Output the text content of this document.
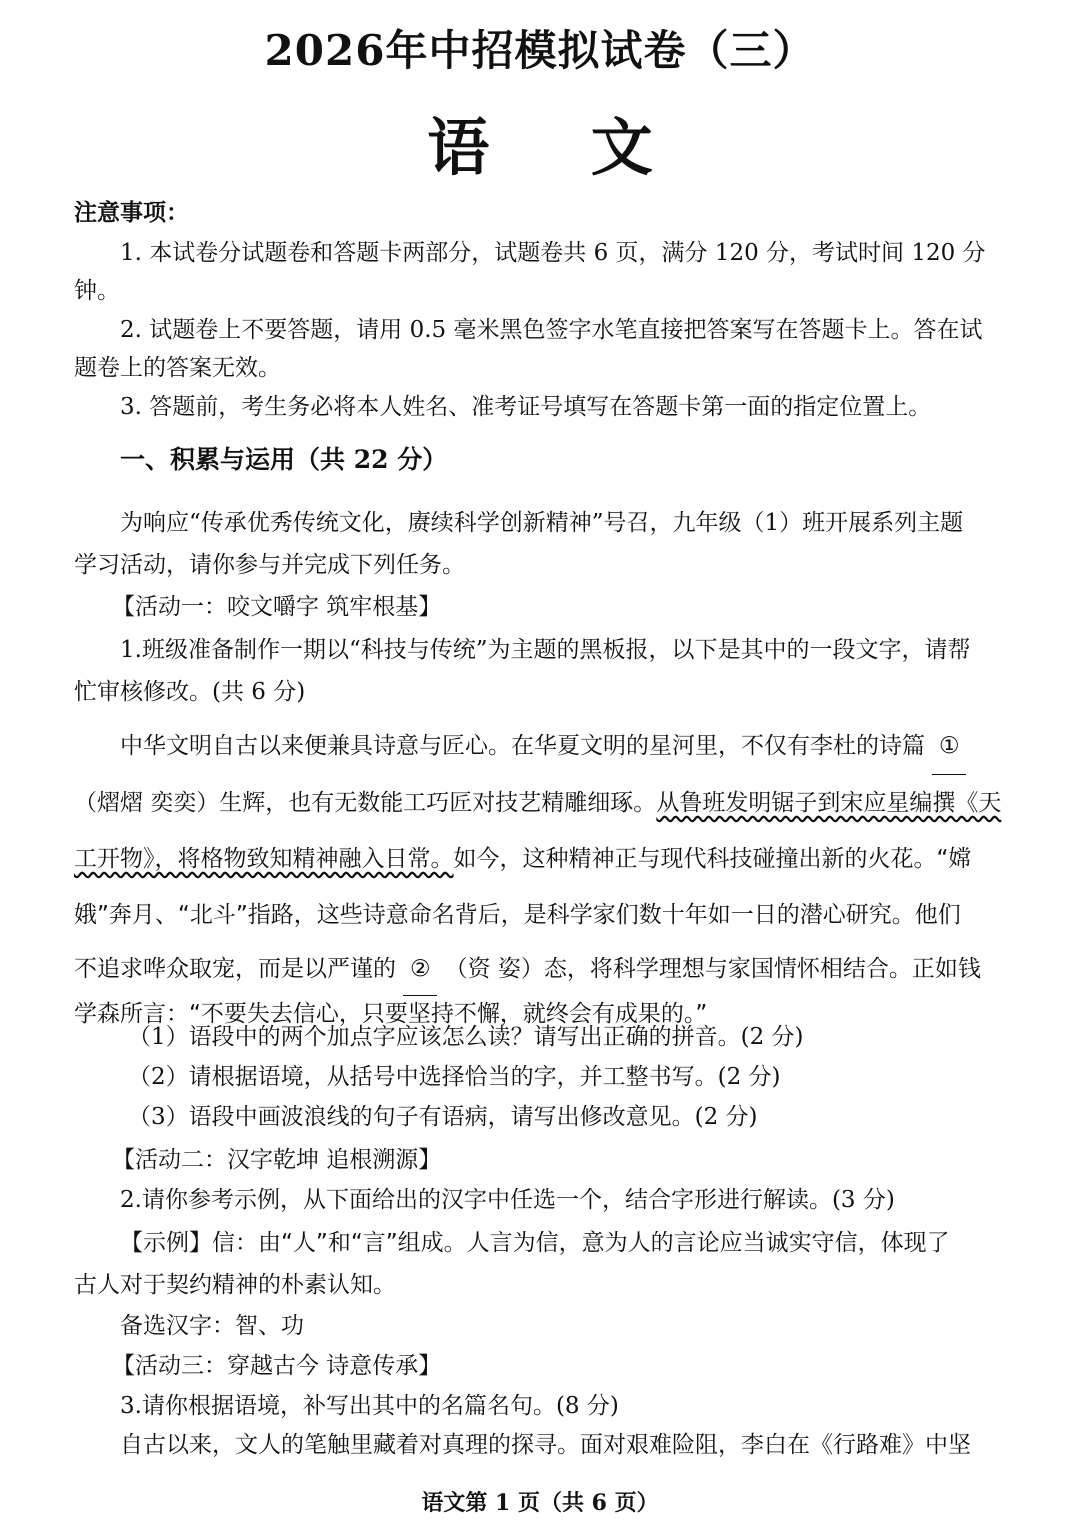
2026年中招模拟试卷（三）
语 文

注意事项：

1. 本试卷分试题卷和答题卡两部分，试题卷共 6 页，满分 120 分，考试时间 120 分

钟。

2. 试题卷上不要答题，请用 0.5 毫米黑色签字水笔直接把答案写在答题卡上。答在试

题卷上的答案无效。

3. 答题前，考生务必将本人姓名、准考证号填写在答题卡第一面的指定位置上。

一、积累与运用（共 22 分）

为响应“传承优秀传统文化，赓续科学创新精神”号召，九年级（1）班开展系列主题

学习活动，请你参与并完成下列任务。

【活动一：咬文嚼字 筑牢根基】

1.班级准备制作一期以“科技与传统”为主题的黑板报，以下是其中的一段文字，请帮

忙审核修改。(共 6 分)

中华文明自古以来便兼具诗意与匠心。在华夏文明的星河里，不仅有李杜的诗篇 ①

（熠熠 奕奕）生辉，也有无数能工巧匠对技艺精雕细琢。从鲁班发明锯子到宋应星编撰《天

工开物》，将格物致知精神融入日常。如今，这种精神正与现代科技碰撞出新的火花。“嫦

娥”奔月、“北斗”指路，这些诗意命名背后，是科学家们数十年如一日的潜心研究。他们

不追求哗众取宠，而是以严谨的 ② （资 姿）态，将科学理想与家国情怀相结合。正如钱

学森所言：“不要失去信心，只要坚持不懈，就终会有成果的。”

（1）语段中的两个加点字应该怎么读？请写出正确的拼音。(2 分)

（2）请根据语境，从括号中选择恰当的字，并工整书写。(2 分)

（3）语段中画波浪线的句子有语病，请写出修改意见。(2 分)

【活动二：汉字乾坤 追根溯源】

2.请你参考示例，从下面给出的汉字中任选一个，结合字形进行解读。(3 分)

【示例】信：由“人”和“言”组成。人言为信，意为人的言论应当诚实守信，体现了

古人对于契约精神的朴素认知。

备选汉字：智、功

【活动三：穿越古今 诗意传承】

3.请你根据语境，补写出其中的名篇名句。(8 分)

自古以来，文人的笔触里藏着对真理的探寻。面对艰难险阻，李白在《行路难》中坚

语文第 1 页（共 6 页）
